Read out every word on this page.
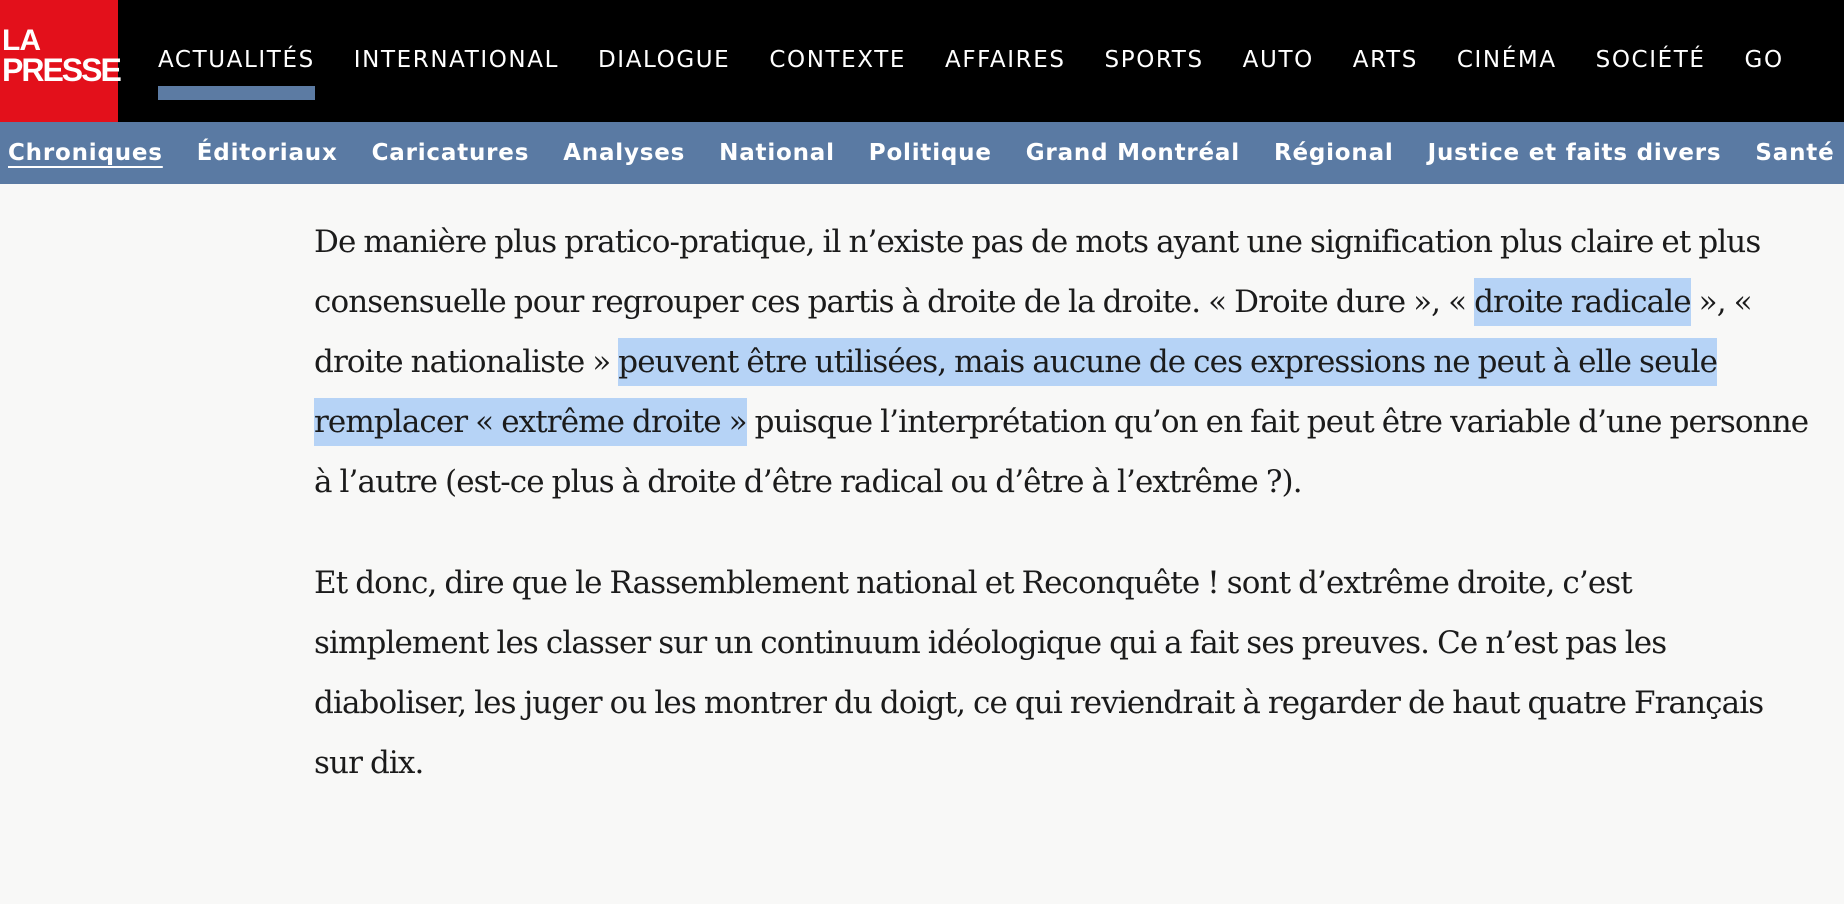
LA
PRESSE ACTUALITÉS INTERNATIONAL DIALOGUE CONTEXTE AFFAIRES SPORTS AUTO ARTS CINÉMA SOCIÉTÉ GO
Chroniques Éditoriaux Caricatures Analyses National Politique Grand Montréal Régional Justice et faits divers Santé

De manière plus pratico-pratique, il n’existe pas de mots ayant une signification plus claire et plus consensuelle pour regrouper ces partis à droite de la droite. « Droite dure », « droite radicale », « droite nationaliste » peuvent être utilisées, mais aucune de ces expressions ne peut à elle seule remplacer « extrême droite » puisque l’interprétation qu’on en fait peut être variable d’une personne à l’autre (est-ce plus à droite d’être radical ou d’être à l’extrême ?).

Et donc, dire que le Rassemblement national et Reconquête ! sont d’extrême droite, c’est simplement les classer sur un continuum idéologique qui a fait ses preuves. Ce n’est pas les diaboliser, les juger ou les montrer du doigt, ce qui reviendrait à regarder de haut quatre Français sur dix.
